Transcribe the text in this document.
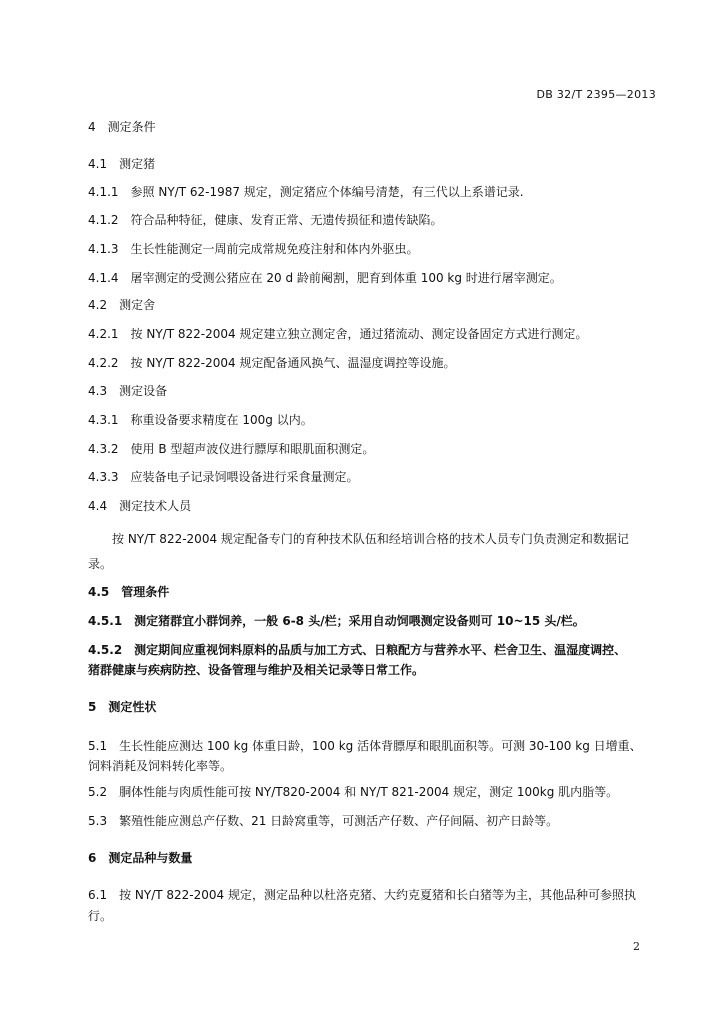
DB 32/T 2395—2013
4 测定条件
4.1 测定猪
4.1.1 参照 NY/T 62-1987 规定，测定猪应个体编号清楚，有三代以上系谱记录.
4.1.2 符合品种特征，健康、发育正常、无遗传损征和遗传缺陷。
4.1.3 生长性能测定一周前完成常规免疫注射和体内外驱虫。
4.1.4 屠宰测定的受测公猪应在 20 d 龄前阉割，肥育到体重 100 kg 时进行屠宰测定。
4.2 测定舍
4.2.1 按 NY/T 822-2004 规定建立独立测定舍，通过猪流动、测定设备固定方式进行测定。
4.2.2 按 NY/T 822-2004 规定配备通风换气、温湿度调控等设施。
4.3 测定设备
4.3.1 称重设备要求精度在 100g 以内。
4.3.2 使用 B 型超声波仪进行膘厚和眼肌面积测定。
4.3.3 应装备电子记录饲喂设备进行采食量测定。
4.4 测定技术人员
按 NY/T 822-2004 规定配备专门的育种技术队伍和经培训合格的技术人员专门负责测定和数据记
录。
4.5 管理条件
4.5.1 测定猪群宜小群饲养，一般 6-8 头/栏；采用自动饲喂测定设备则可 10~15 头/栏。
4.5.2 测定期间应重视饲料原料的品质与加工方式、日粮配方与营养水平、栏舍卫生、温湿度调控、
猪群健康与疾病防控、设备管理与维护及相关记录等日常工作。
5 测定性状
5.1 生长性能应测达 100 kg 体重日龄，100 kg 活体背膘厚和眼肌面积等。可测 30-100 kg 日增重、
饲料消耗及饲料转化率等。
5.2 胴体性能与肉质性能可按 NY/T820-2004 和 NY/T 821-2004 规定，测定 100kg 肌内脂等。
5.3 繁殖性能应测总产仔数、21 日龄窝重等，可测活产仔数、产仔间隔、初产日龄等。
6 测定品种与数量
6.1 按 NY/T 822-2004 规定，测定品种以杜洛克猪、大约克夏猪和长白猪等为主，其他品种可参照执
行。
2
